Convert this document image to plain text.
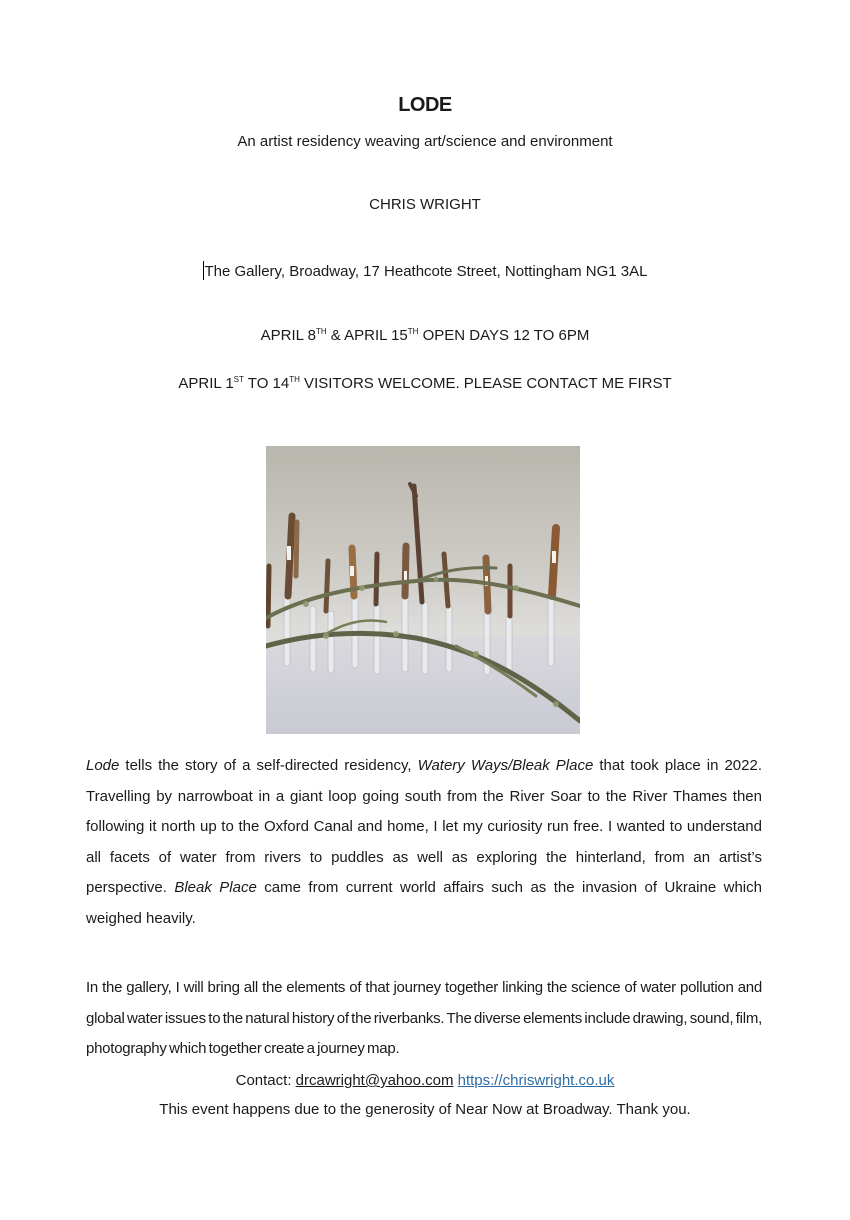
LODE
An artist residency weaving art/science and environment
CHRIS WRIGHT
The Gallery, Broadway, 17 Heathcote Street, Nottingham NG1 3AL
APRIL 8TH & APRIL 15TH OPEN DAYS 12 TO 6PM
APRIL 1ST TO 14TH VISITORS WELCOME. PLEASE CONTACT ME FIRST

Lode tells the story of a self-directed residency, Watery Ways/Bleak Place that took place in 2022. Travelling by narrowboat in a giant loop going south from the River Soar to the River Thames then following it north up to the Oxford Canal and home, I let my curiosity run free. I wanted to understand all facets of water from rivers to puddles as well as exploring the hinterland, from an artist’s perspective. Bleak Place came from current world affairs such as the invasion of Ukraine which weighed heavily.

In the gallery, I will bring all the elements of that journey together linking the science of water pollution and global water issues to the natural history of the riverbanks. The diverse elements include drawing, sound, film, photography which together create a journey map.

Contact: drcawright@yahoo.com https://chriswright.co.uk
This event happens due to the generosity of Near Now at Broadway. Thank you.
